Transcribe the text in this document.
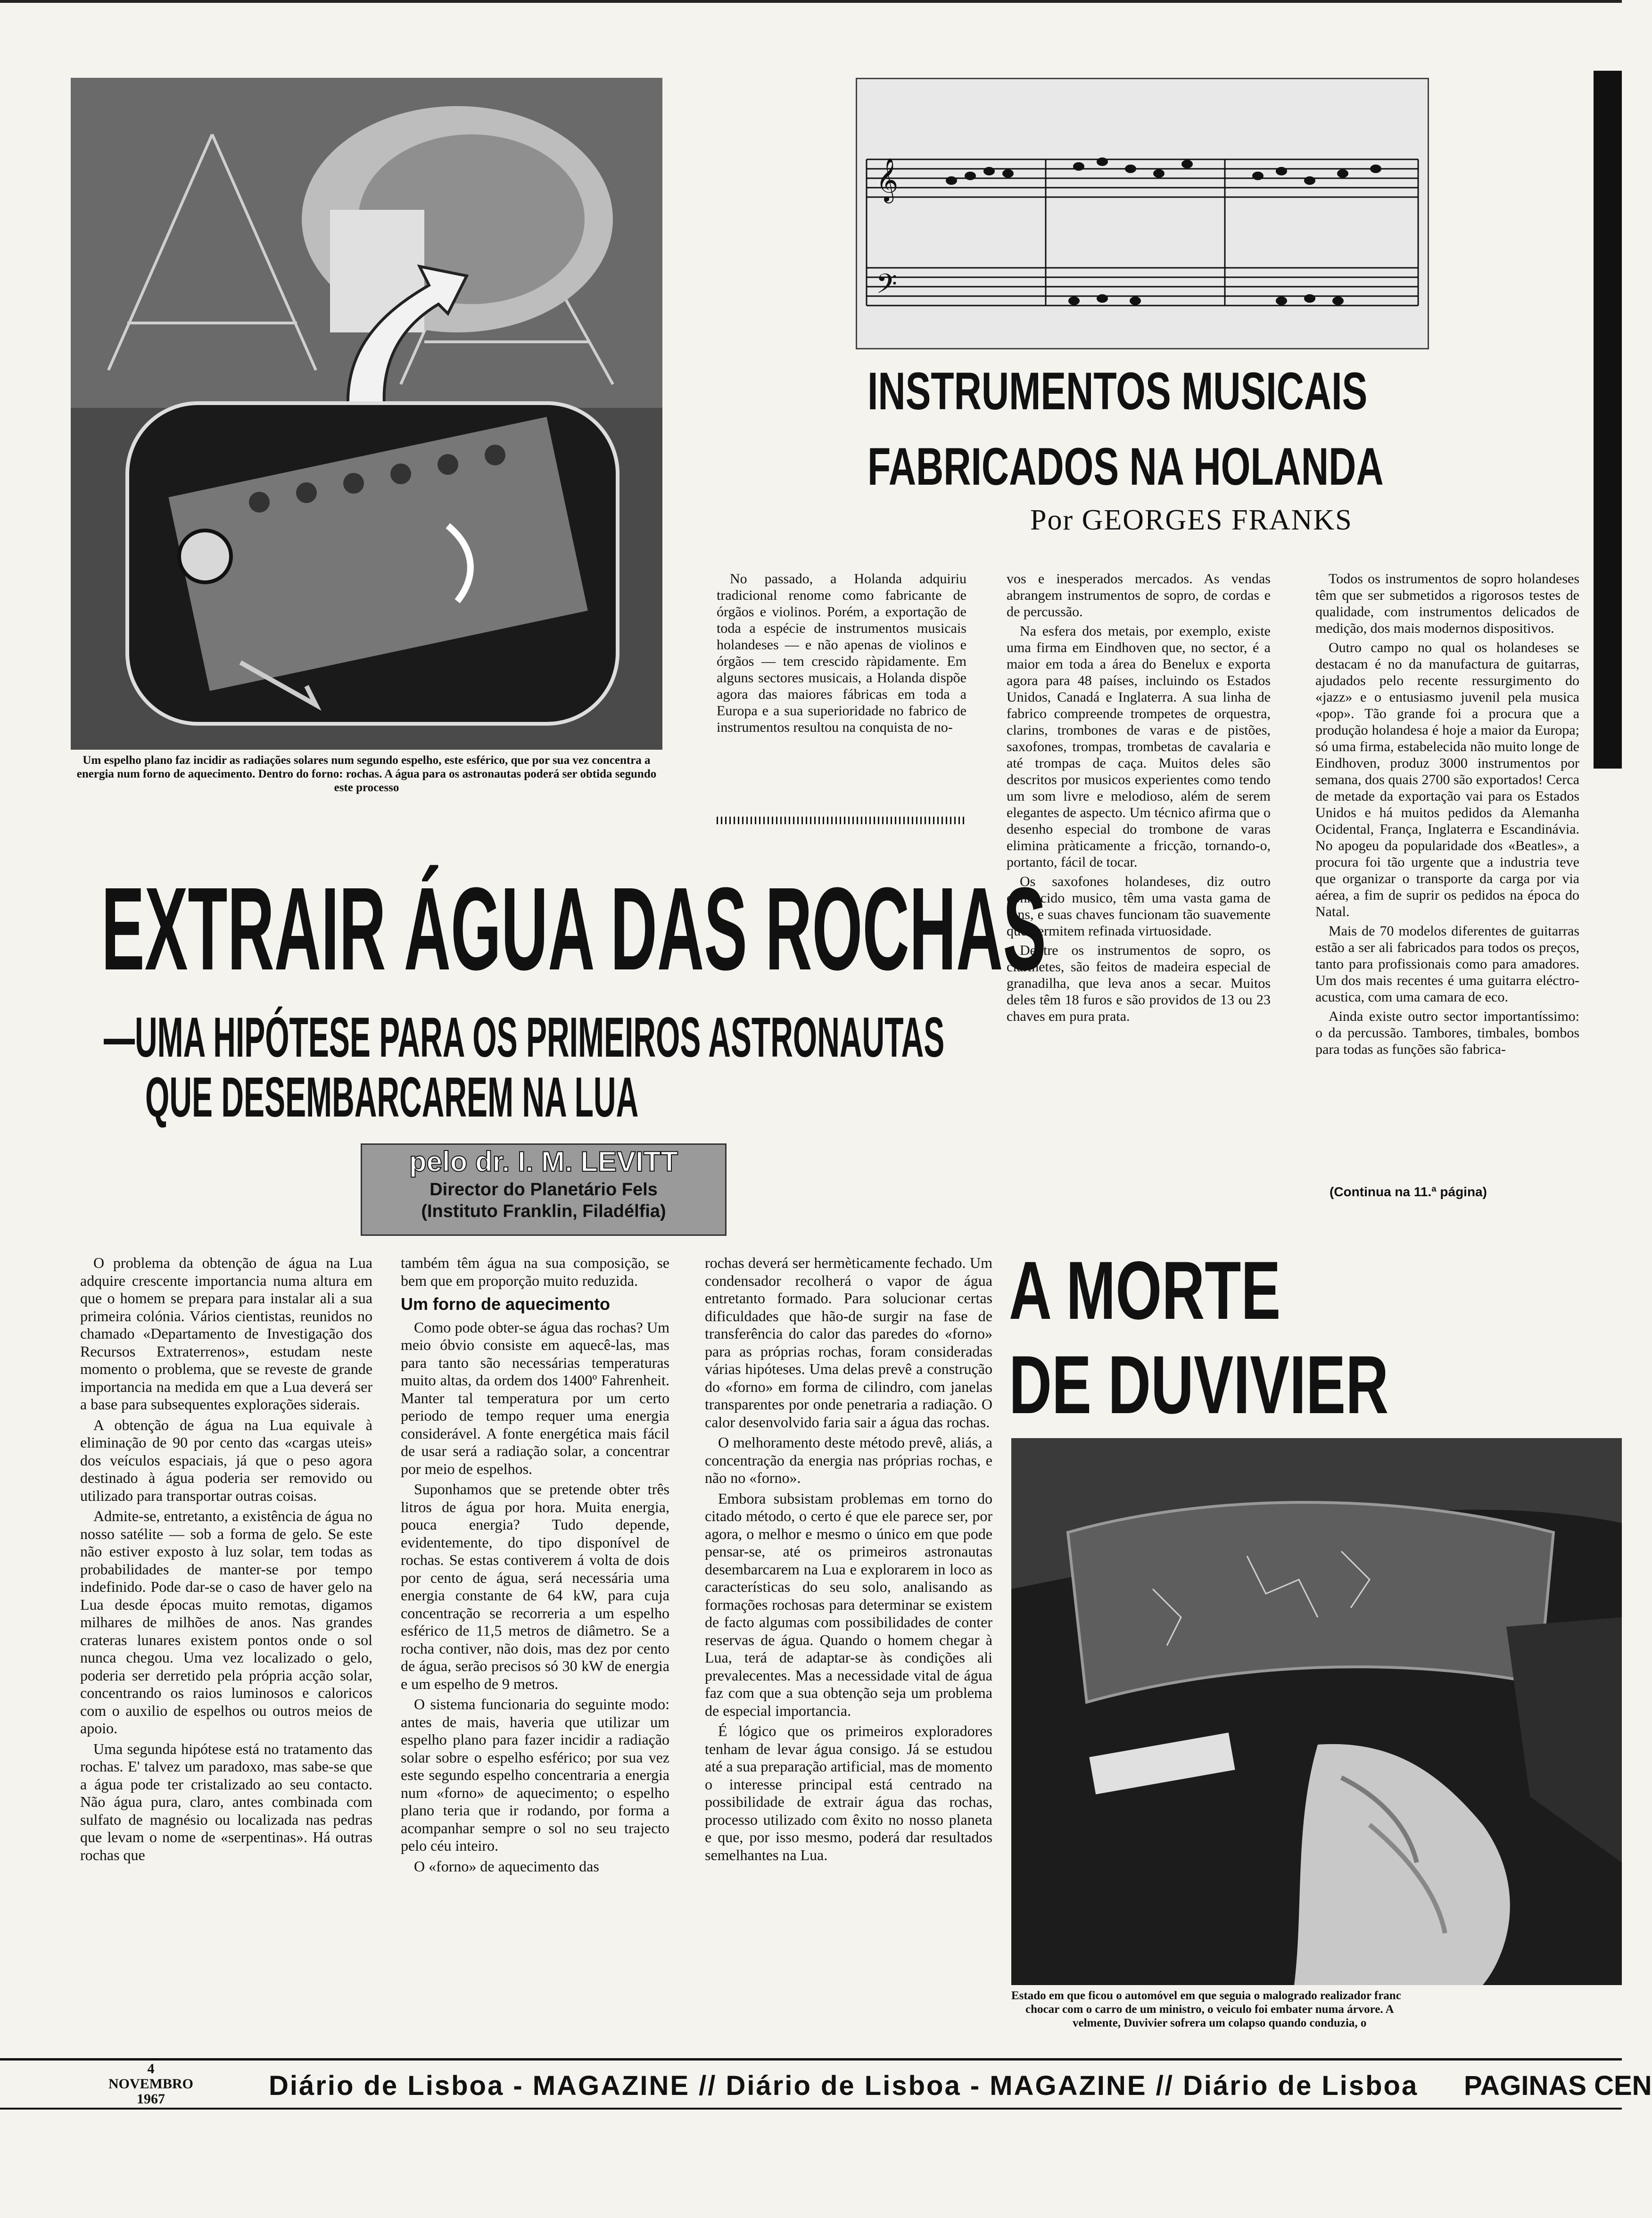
Um espelho plano faz incidir as radiações solares num segundo espelho, este esférico, que por sua vez concentra a energia num forno de aquecimento. Dentro do forno: rochas. A água para os astronautas poderá ser obtida segundo este processo
𝄞
𝄢
INSTRUMENTOS MUSICAIS
FABRICADOS NA HOLANDA
Por GEORGES FRANKS

No passado, a Holanda adquiriu tradicional renome como fabricante de órgãos e violinos. Porém, a exportação de toda a espécie de instrumentos musicais holandeses — e não apenas de violinos e órgãos — tem crescido ràpidamente. Em alguns sectores musicais, a Holanda dispõe agora das maiores fábricas em toda a Europa e a sua superioridade no fabrico de instrumentos resultou na conquista de no-

vos e inesperados mercados. As vendas abrangem instrumentos de sopro, de cordas e de percussão.

Na esfera dos metais, por exemplo, existe uma firma em Eindhoven que, no sector, é a maior em toda a área do Benelux e exporta agora para 48 países, incluindo os Estados Unidos, Canadá e Inglaterra. A sua linha de fabrico compreende trompetes de orquestra, clarins, trombones de varas e de pistões, saxofones, trompas, trombetas de cavalaria e até trompas de caça. Muitos deles são descritos por musicos experientes como tendo um som livre e melodioso, além de serem elegantes de aspecto. Um técnico afirma que o desenho especial do trombone de varas elimina pràticamente a fricção, tornando-o, portanto, fácil de tocar.

Os saxofones holandeses, diz outro conhecido musico, têm uma vasta gama de tons, e suas chaves funcionam tão suavemente que permitem refinada virtuosidade.

Dentre os instrumentos de sopro, os clarinetes, são feitos de madeira especial de granadilha, que leva anos a secar. Muitos deles têm 18 furos e são providos de 13 ou 23 chaves em pura prata.

Todos os instrumentos de sopro holandeses têm que ser submetidos a rigorosos testes de qualidade, com instrumentos delicados de medição, dos mais modernos dispositivos.

Outro campo no qual os holandeses se destacam é no da manufactura de guitarras, ajudados pelo recente ressurgimento do «jazz» e o entusiasmo juvenil pela musica «pop». Tão grande foi a procura que a produção holandesa é hoje a maior da Europa; só uma firma, estabelecida não muito longe de Eindhoven, produz 3000 instrumentos por semana, dos quais 2700 são exportados! Cerca de metade da exportação vai para os Estados Unidos e há muitos pedidos da Alemanha Ocidental, França, Inglaterra e Escandinávia. No apogeu da popularidade dos «Beatles», a procura foi tão urgente que a industria teve que organizar o transporte da carga por via aérea, a fim de suprir os pedidos na época do Natal.

Mais de 70 modelos diferentes de guitarras estão a ser ali fabricados para todos os preços, tanto para profissionais como para amadores. Um dos mais recentes é uma guitarra eléctro-acustica, com uma camara de eco.

Ainda existe outro sector importantíssimo: o da percussão. Tambores, timbales, bombos para todas as funções são fabrica-

(Continua na 11.ª página)
EXTRAIR ÁGUA DAS ROCHAS
—UMA HIPÓTESE PARA OS PRIMEIROS ASTRONAUTAS
QUE DESEMBARCAREM NA LUA
pelo dr. I. M. LEVITT
Director do Planetário Fels
(Instituto Franklin, Filadélfia)

O problema da obtenção de água na Lua adquire crescente importancia numa altura em que o homem se prepara para instalar ali a sua primeira colónia. Vários cientistas, reunidos no chamado «Departamento de Investigação dos Recursos Extraterrenos», estudam neste momento o problema, que se reveste de grande importancia na medida em que a Lua deverá ser a base para subsequentes explorações siderais.

A obtenção de água na Lua equivale à eliminação de 90 por cento das «cargas uteis» dos veículos espaciais, já que o peso agora destinado à água poderia ser removido ou utilizado para transportar outras coisas.

Admite-se, entretanto, a existência de água no nosso satélite — sob a forma de gelo. Se este não estiver exposto à luz solar, tem todas as probabilidades de manter-se por tempo indefinido. Pode dar-se o caso de haver gelo na Lua desde épocas muito remotas, digamos milhares de milhões de anos. Nas grandes crateras lunares existem pontos onde o sol nunca chegou. Uma vez localizado o gelo, poderia ser derretido pela própria acção solar, concentrando os raios luminosos e caloricos com o auxilio de espelhos ou outros meios de apoio.

Uma segunda hipótese está no tratamento das rochas. E' talvez um paradoxo, mas sabe-se que a água pode ter cristalizado ao seu contacto. Não água pura, claro, antes combinada com sulfato de magnésio ou localizada nas pedras que levam o nome de «serpentinas». Há outras rochas que

também têm água na sua composição, se bem que em proporção muito reduzida.

Um forno de aquecimento

Como pode obter-se água das rochas? Um meio óbvio consiste em aquecê-las, mas para tanto são necessárias temperaturas muito altas, da ordem dos 1400º Fahrenheit. Manter tal temperatura por um certo periodo de tempo requer uma energia considerável. A fonte energética mais fácil de usar será a radiação solar, a concentrar por meio de espelhos.

Suponhamos que se pretende obter três litros de água por hora. Muita energia, pouca energia? Tudo depende, evidentemente, do tipo disponível de rochas. Se estas contiverem á volta de dois por cento de água, será necessária uma energia constante de 64 kW, para cuja concentração se recorreria a um espelho esférico de 11,5 metros de diâmetro. Se a rocha contiver, não dois, mas dez por cento de água, serão precisos só 30 kW de energia e um espelho de 9 metros.

O sistema funcionaria do seguinte modo: antes de mais, haveria que utilizar um espelho plano para fazer incidir a radiação solar sobre o espelho esférico; por sua vez este segundo espelho concentraria a energia num «forno» de aquecimento; o espelho plano teria que ir rodando, por forma a acompanhar sempre o sol no seu trajecto pelo céu inteiro.

O «forno» de aquecimento das

rochas deverá ser hermèticamente fechado. Um condensador recolherá o vapor de água entretanto formado. Para solucionar certas dificuldades que hão-de surgir na fase de transferência do calor das paredes do «forno» para as próprias rochas, foram consideradas várias hipóteses. Uma delas prevê a construção do «forno» em forma de cilindro, com janelas transparentes por onde penetraria a radiação. O calor desenvolvido faria sair a água das rochas.

O melhoramento deste método prevê, aliás, a concentração da energia nas próprias rochas, e não no «forno».

Embora subsistam problemas em torno do citado método, o certo é que ele parece ser, por agora, o melhor e mesmo o único em que pode pensar-se, até os primeiros astronautas desembarcarem na Lua e explorarem in loco as características do seu solo, analisando as formações rochosas para determinar se existem de facto algumas com possibilidades de conter reservas de água. Quando o homem chegar à Lua, terá de adaptar-se às condições ali prevalecentes. Mas a necessidade vital de água faz com que a sua obtenção seja um problema de especial importancia.

É lógico que os primeiros exploradores tenham de levar água consigo. Já se estudou até a sua preparação artificial, mas de momento o interesse principal está centrado na possibilidade de extrair água das rochas, processo utilizado com êxito no nosso planeta e que, por isso mesmo, poderá dar resultados semelhantes na Lua.

A MORTE
DE DUVIVIER
Estado em que ficou o automóvel em que seguia o malogrado realizador franc
chocar com o carro de um ministro, o veiculo foi embater numa árvore. A
velmente, Duvivier sofrera um colapso quando conduzia, o
4
NOVEMBRO
1967	Diário de Lisboa - MAGAZINE // Diário de Lisboa - MAGAZINE // Diário de Lisboa PAGINAS CEN
